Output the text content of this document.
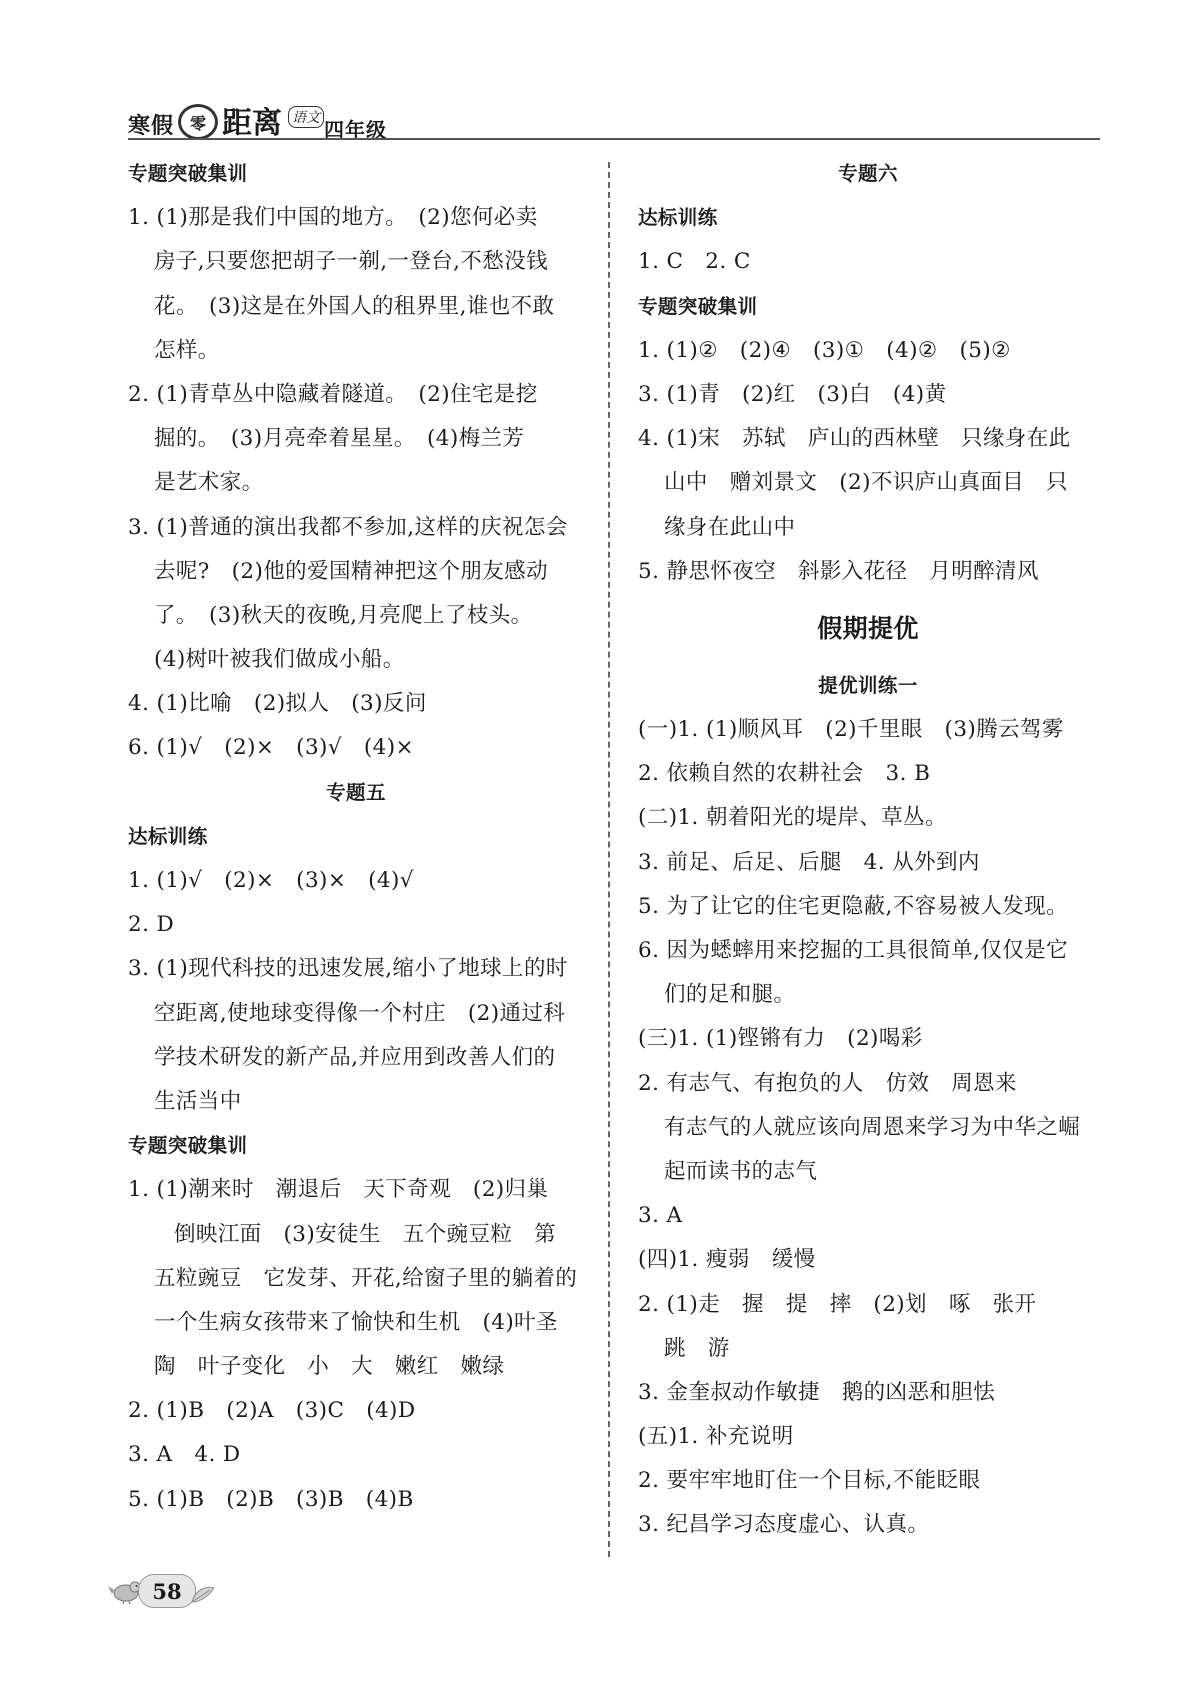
寒假 零 距离 语文 四年级
专题突破集训
1. (1)那是我们中国的地方。　(2)您何必卖
房子,只要您把胡子一剃,一登台,不愁没钱
花。　(3)这是在外国人的租界里,谁也不敢
怎样。
2. (1)青草丛中隐藏着隧道。　(2)住宅是挖
掘的。　(3)月亮牵着星星。　(4)梅兰芳
是艺术家。
3. (1)普通的演出我都不参加,这样的庆祝怎会
去呢?　(2)他的爱国精神把这个朋友感动
了。　(3)秋天的夜晚,月亮爬上了枝头。
(4)树叶被我们做成小船。
4. (1)比喻　(2)拟人　(3)反问
6. (1)√　(2)×　(3)√　(4)×
专题五
达标训练
1. (1)√　(2)×　(3)×　(4)√
2. D
3. (1)现代科技的迅速发展,缩小了地球上的时
空距离,使地球变得像一个村庄　(2)通过科
学技术研发的新产品,并应用到改善人们的
生活当中
专题突破集训
1. (1)潮来时　潮退后　天下奇观　(2)归巢
倒映江面　(3)安徒生　五个豌豆粒　第
五粒豌豆　它发芽、开花,给窗子里的躺着的
一个生病女孩带来了愉快和生机　(4)叶圣
陶　叶子变化　小　大　嫩红　嫩绿
2. (1)B　(2)A　(3)C　(4)D
3. A　4. D
5. (1)B　(2)B　(3)B　(4)B
专题六
达标训练
1. C　2. C
专题突破集训
1. (1)②　(2)④　(3)①　(4)②　(5)②
3. (1)青　(2)红　(3)白　(4)黄
4. (1)宋　苏轼　庐山的西林壁　只缘身在此
山中　赠刘景文　(2)不识庐山真面目　只
缘身在此山中
5. 静思怀夜空　斜影入花径　月明醉清风
假期提优
提优训练一
(一)1. (1)顺风耳　(2)千里眼　(3)腾云驾雾
2. 依赖自然的农耕社会　3. B
(二)1. 朝着阳光的堤岸、草丛。
3. 前足、后足、后腿　4. 从外到内
5. 为了让它的住宅更隐蔽,不容易被人发现。
6. 因为蟋蟀用来挖掘的工具很简单,仅仅是它
们的足和腿。
(三)1. (1)铿锵有力　(2)喝彩
2. 有志气、有抱负的人　仿效　周恩来
有志气的人就应该向周恩来学习为中华之崛
起而读书的志气
3. A
(四)1. 瘦弱　缓慢
2. (1)走　握　提　摔　(2)划　啄　张开
跳　游
3. 金奎叔动作敏捷　鹅的凶恶和胆怯
(五)1. 补充说明
2. 要牢牢地盯住一个目标,不能眨眼
3. 纪昌学习态度虚心、认真。
58
